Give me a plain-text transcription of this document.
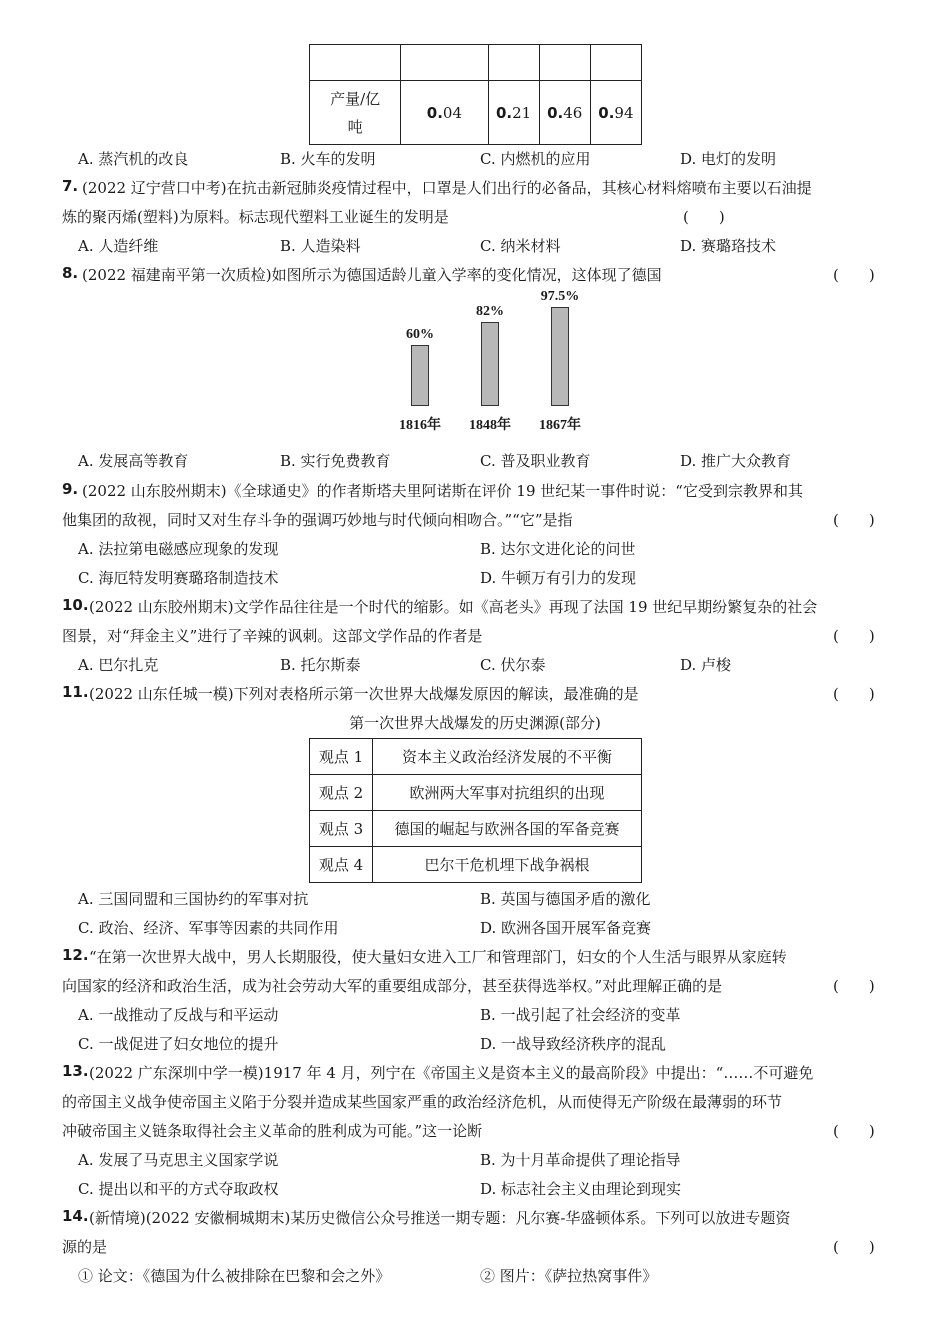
产量/亿
吨	0.04	0.21	0.46	0.94
A. 蒸汽机的改良	B. 火车的发明	C. 内燃机的应用	D. 电灯的发明
7. (2022 辽宁营口中考)在抗击新冠肺炎疫情过程中，口罩是人们出行的必备品，其核心材料熔喷布主要以石油提
炼的聚丙烯(塑料)为原料。标志现代塑料工业诞生的发明是	(　　)
A. 人造纤维	B. 人造染料	C. 纳米材料	D. 赛璐珞技术
8. (2022 福建南平第一次质检)如图所示为德国适龄儿童入学率的变化情况，这体现了德国	(　　)
60%
82%
97.5%
1816年	1848年	1867年
A. 发展高等教育	B. 实行免费教育	C. 普及职业教育	D. 推广大众教育
9. (2022 山东胶州期末)《全球通史》的作者斯塔夫里阿诺斯在评价 19 世纪某一事件时说：“它受到宗教界和其
他集团的敌视，同时又对生存斗争的强调巧妙地与时代倾向相吻合。”“它”是指	(　　)
A. 法拉第电磁感应现象的发现	B. 达尔文进化论的问世
C. 海厄特发明赛璐珞制造技术	D. 牛顿万有引力的发现
10. (2022 山东胶州期末)文学作品往往是一个时代的缩影。如《高老头》再现了法国 19 世纪早期纷繁复杂的社会
图景，对“拜金主义”进行了辛辣的讽刺。这部文学作品的作者是	(　　)
A. 巴尔扎克	B. 托尔斯泰	C. 伏尔泰	D. 卢梭
11. (2022 山东任城一模)下列对表格所示第一次世界大战爆发原因的解读，最准确的是	(　　)
第一次世界大战爆发的历史渊源(部分)
观点 1	资本主义政治经济发展的不平衡
观点 2	欧洲两大军事对抗组织的出现
观点 3	德国的崛起与欧洲各国的军备竞赛
观点 4	巴尔干危机埋下战争祸根
A. 三国同盟和三国协约的军事对抗	B. 英国与德国矛盾的激化
C. 政治、经济、军事等因素的共同作用	D. 欧洲各国开展军备竞赛
12. “在第一次世界大战中，男人长期服役，使大量妇女进入工厂和管理部门，妇女的个人生活与眼界从家庭转
向国家的经济和政治生活，成为社会劳动大军的重要组成部分，甚至获得选举权。”对此理解正确的是	(　　)
A. 一战推动了反战与和平运动	B. 一战引起了社会经济的变革
C. 一战促进了妇女地位的提升	D. 一战导致经济秩序的混乱
13. (2022 广东深圳中学一模)1917 年 4 月，列宁在《帝国主义是资本主义的最高阶段》中提出：“……不可避免
的帝国主义战争使帝国主义陷于分裂并造成某些国家严重的政治经济危机，从而使得无产阶级在最薄弱的环节
冲破帝国主义链条取得社会主义革命的胜利成为可能。”这一论断	(　　)
A. 发展了马克思主义国家学说	B. 为十月革命提供了理论指导
C. 提出以和平的方式夺取政权	D. 标志社会主义由理论到现实
14. (新情境)(2022 安徽桐城期末)某历史微信公众号推送一期专题：凡尔赛-华盛顿体系。下列可以放进专题资
源的是	(　　)
① 论文：《德国为什么被排除在巴黎和会之外》	② 图片：《萨拉热窝事件》
